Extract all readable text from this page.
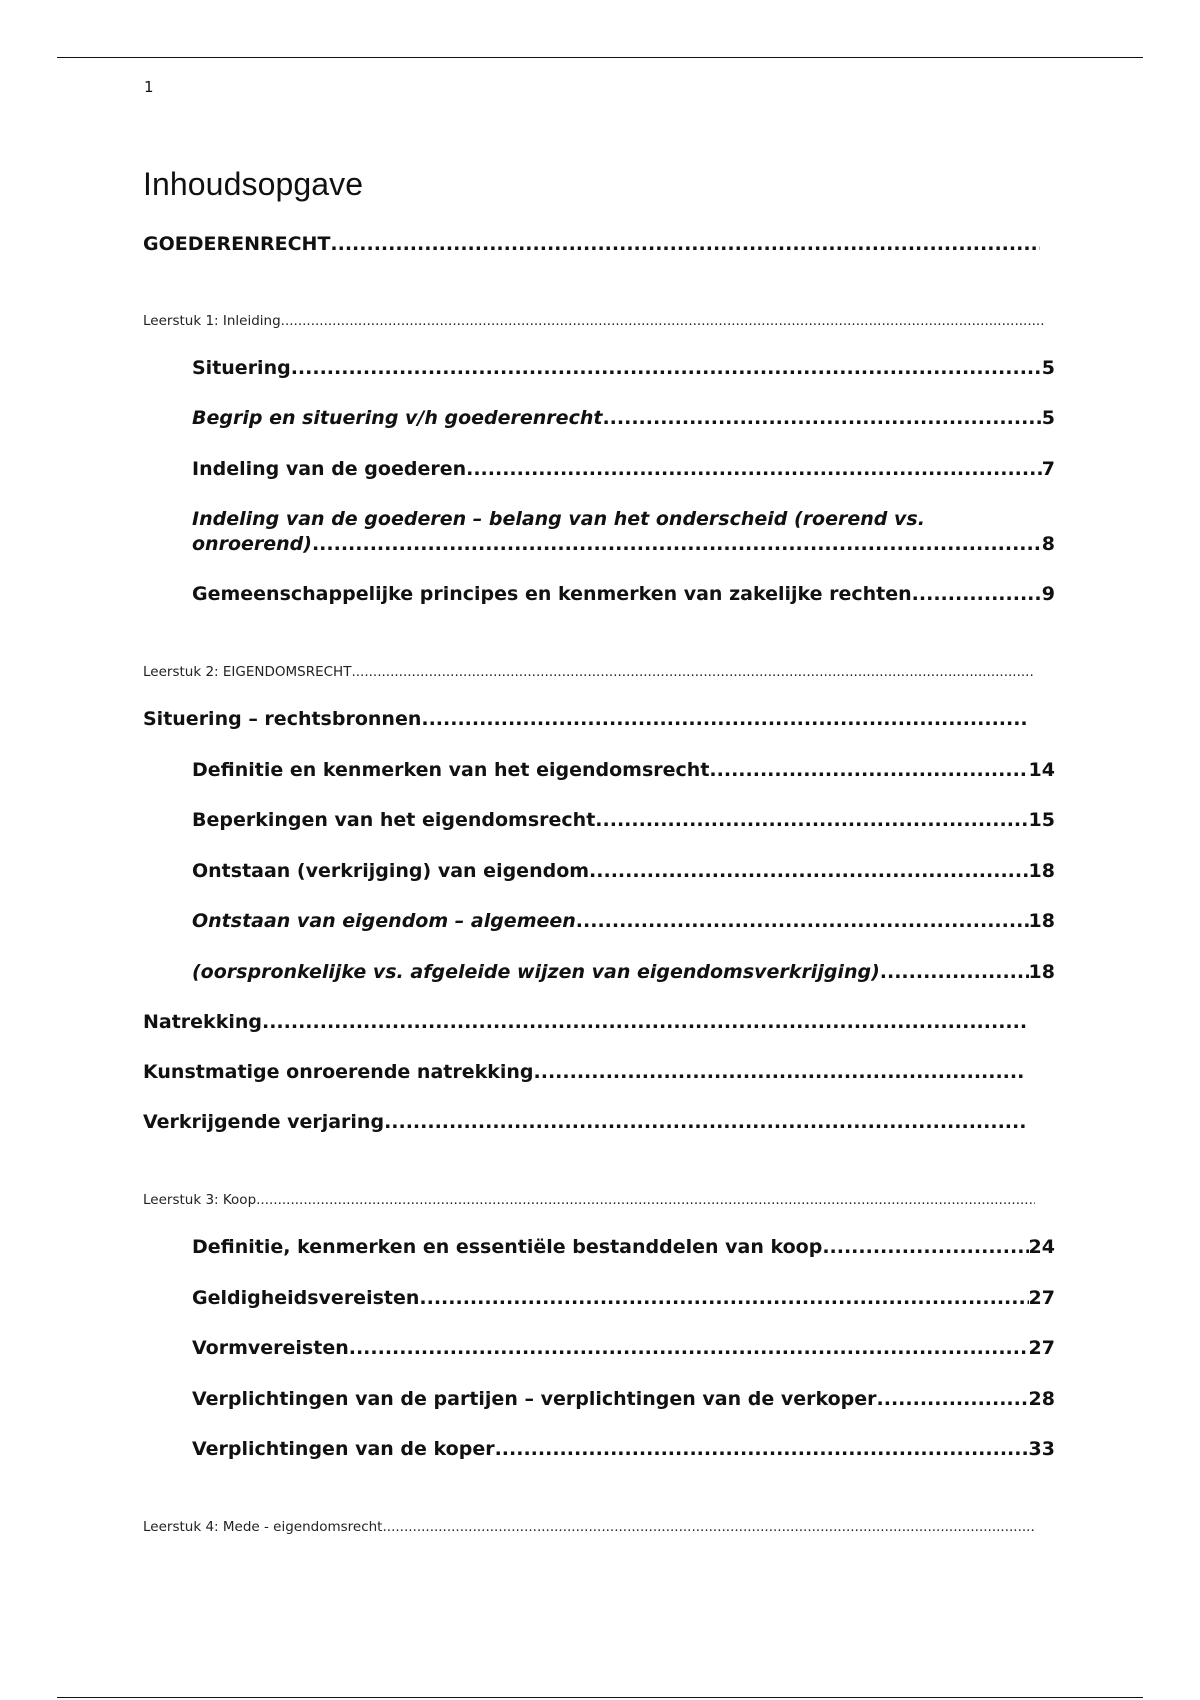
1
Inhoudsopgave
GOEDERENRECHT
.....
Leerstuk 1: Inleiding
.....
Situering .....	5
Begrip en situering v/h goederenrecht .....	5
Indeling van de goederen .....	7
Indeling van de goederen – belang van het onderscheid (roerend vs.
onroerend) .....	8
Gemeenschappelijke principes en kenmerken van zakelijke rechten .....	9
Leerstuk 2: EIGENDOMSRECHT
.....
Situering – rechtsbronnen
.....
Definitie en kenmerken van het eigendomsrecht .....	14
Beperkingen van het eigendomsrecht .....	15
Ontstaan (verkrijging) van eigendom .....	18
Ontstaan van eigendom – algemeen .....	18
(oorspronkelijke vs. afgeleide wijzen van eigendomsverkrijging) .....	18
Natrekking
.....
Kunstmatige onroerende natrekking
.....
Verkrijgende verjaring
.....
Leerstuk 3: Koop
.....
Definitie, kenmerken en essentiële bestanddelen van koop .....	24
Geldigheidsvereisten .....	27
Vormvereisten .....	27
Verplichtingen van de partijen – verplichtingen van de verkoper .....	28
Verplichtingen van de koper .....	33
Leerstuk 4: Mede - eigendomsrecht
.....
